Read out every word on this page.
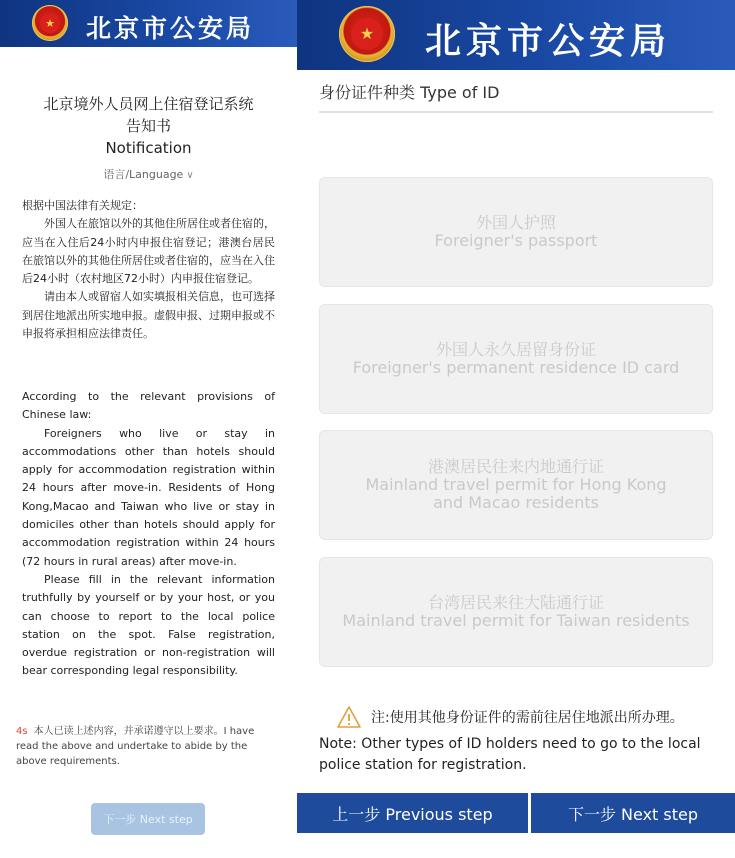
★ 北京市公安局
北京境外人员网上住宿登记系统
告知书
Notification
语言/Language ∨

根据中国法律有关规定：

外国人在旅馆以外的其他住所居住或者住宿的，应当在入住后24小时内申报住宿登记；港澳台居民在旅馆以外的其他住所居住或者住宿的，应当在入住后24小时（农村地区72小时）内申报住宿登记。

请由本人或留宿人如实填报相关信息，也可选择到居住地派出所实地申报。虚假申报、过期申报或不申报将承担相应法律责任。

According to the relevant provisions of Chinese law:

Foreigners who live or stay in accommodations other than hotels should apply for accommodation registration within 24 hours after move-in. Residents of Hong Kong,Macao and Taiwan who live or stay in domiciles other than hotels should apply for accommodation registration within 24 hours (72 hours in rural areas) after move-in.

Please fill in the relevant information truthfully by yourself or by your host, or you can choose to report to the local police station on the spot. False registration, overdue registration or non-registration will bear corresponding legal responsibility.

4s 本人已读上述内容，并承诺遵守以上要求。I have read the above and undertake to abide by the above requirements.
下一步 Next step
★ 北京市公安局
身份证件种类 Type of ID
外国人护照
Foreigner's passport
外国人永久居留身份证
Foreigner's permanent residence ID card
港澳居民往来内地通行证
Mainland travel permit for Hong Kong and Macao residents
台湾居民来往大陆通行证
Mainland travel permit for Taiwan residents
注:使用其他身份证件的需前往居住地派出所办理。
Note: Other types of ID holders need to go to the local police station for registration.
上一步 Previous step	下一步 Next step
